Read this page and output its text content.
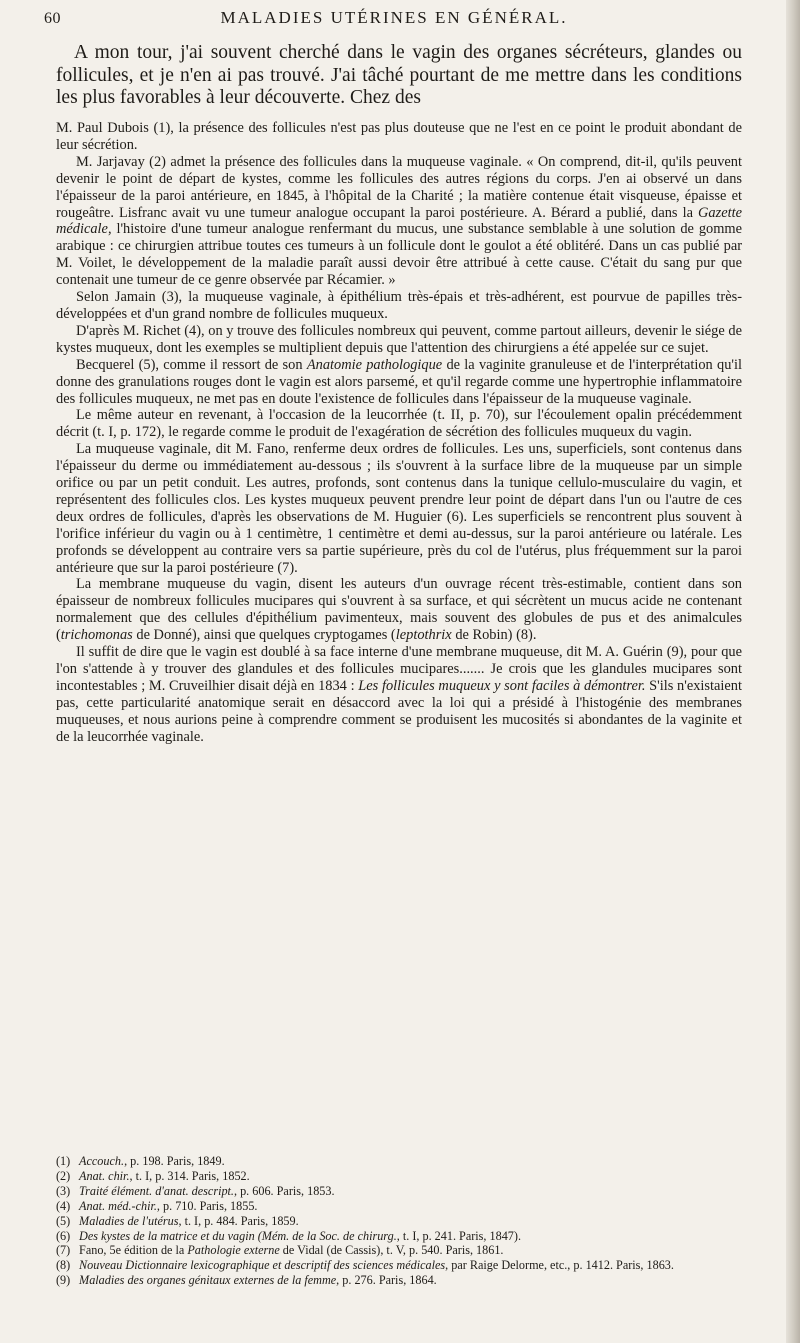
60	MALADIES UTÉRINES EN GÉNÉRAL.

A mon tour, j'ai souvent cherché dans le vagin des organes sécréteurs, glandes ou follicules, et je n'en ai pas trouvé. J'ai tâché pourtant de me mettre dans les conditions les plus favorables à leur découverte. Chez des

M. Paul Dubois (1), la présence des follicules n'est pas plus douteuse que ne l'est en ce point le produit abondant de leur sécrétion.

M. Jarjavay (2) admet la présence des follicules dans la muqueuse vaginale. « On comprend, dit-il, qu'ils peuvent devenir le point de départ de kystes, comme les follicules des autres régions du corps. J'en ai observé un dans l'épaisseur de la paroi antérieure, en 1845, à l'hôpital de la Charité ; la matière contenue était visqueuse, épaisse et rougeâtre. Lisfranc avait vu une tumeur analogue occupant la paroi postérieure. A. Bérard a publié, dans la Gazette médicale, l'histoire d'une tumeur analogue renfermant du mucus, une substance semblable à une solution de gomme arabique : ce chirurgien attribue toutes ces tumeurs à un follicule dont le goulot a été oblitéré. Dans un cas publié par M. Voilet, le développement de la maladie paraît aussi devoir être attribué à cette cause. C'était du sang pur que contenait une tumeur de ce genre observée par Récamier. »

Selon Jamain (3), la muqueuse vaginale, à épithélium très-épais et très-adhérent, est pourvue de papilles très-développées et d'un grand nombre de follicules muqueux.

D'après M. Richet (4), on y trouve des follicules nombreux qui peuvent, comme partout ailleurs, devenir le siége de kystes muqueux, dont les exemples se multiplient depuis que l'attention des chirurgiens a été appelée sur ce sujet.

Becquerel (5), comme il ressort de son Anatomie pathologique de la vaginite granuleuse et de l'interprétation qu'il donne des granulations rouges dont le vagin est alors parsemé, et qu'il regarde comme une hypertrophie inflammatoire des follicules muqueux, ne met pas en doute l'existence de follicules dans l'épaisseur de la muqueuse vaginale.

Le même auteur en revenant, à l'occasion de la leucorrhée (t. II, p. 70), sur l'écoulement opalin précédemment décrit (t. I, p. 172), le regarde comme le produit de l'exagération de sécrétion des follicules muqueux du vagin.

La muqueuse vaginale, dit M. Fano, renferme deux ordres de follicules. Les uns, superficiels, sont contenus dans l'épaisseur du derme ou immédiatement au-dessous ; ils s'ouvrent à la surface libre de la muqueuse par un simple orifice ou par un petit conduit. Les autres, profonds, sont contenus dans la tunique cellulo-musculaire du vagin, et représentent des follicules clos. Les kystes muqueux peuvent prendre leur point de départ dans l'un ou l'autre de ces deux ordres de follicules, d'après les observations de M. Huguier (6). Les superficiels se rencontrent plus souvent à l'orifice inférieur du vagin ou à 1 centimètre, 1 centimètre et demi au-dessus, sur la paroi antérieure ou latérale. Les profonds se développent au contraire vers sa partie supérieure, près du col de l'utérus, plus fréquemment sur la paroi antérieure que sur la paroi postérieure (7).

La membrane muqueuse du vagin, disent les auteurs d'un ouvrage récent très-estimable, contient dans son épaisseur de nombreux follicules mucipares qui s'ouvrent à sa surface, et qui sécrètent un mucus acide ne contenant normalement que des cellules d'épithélium pavimenteux, mais souvent des globules de pus et des animalcules (trichomonas de Donné), ainsi que quelques cryptogames (leptothrix de Robin) (8).

Il suffit de dire que le vagin est doublé à sa face interne d'une membrane muqueuse, dit M. A. Guérin (9), pour que l'on s'attende à y trouver des glandules et des follicules mucipares....... Je crois que les glandules mucipares sont incontestables ; M. Cruveilhier disait déjà en 1834 : Les follicules muqueux y sont faciles à démontrer. S'ils n'existaient pas, cette particularité anatomique serait en désaccord avec la loi qui a présidé à l'histogénie des membranes muqueuses, et nous aurions peine à comprendre comment se produisent les mucosités si abondantes de la vaginite et de la leucorrhée vaginale.

(1) Accouch., p. 198. Paris, 1849.
(2) Anat. chir., t. I, p. 314. Paris, 1852.
(3) Traité élément. d'anat. descript., p. 606. Paris, 1853.
(4) Anat. méd.-chir., p. 710. Paris, 1855.
(5) Maladies de l'utérus, t. I, p. 484. Paris, 1859.
(6) Des kystes de la matrice et du vagin (Mém. de la Soc. de chirurg., t. I, p. 241. Paris, 1847).
(7) Fano, 5e édition de la Pathologie externe de Vidal (de Cassis), t. V, p. 540. Paris, 1861.
(8) Nouveau Dictionnaire lexicographique et descriptif des sciences médicales, par Raige Delorme, etc., p. 1412. Paris, 1863.
(9) Maladies des organes génitaux externes de la femme, p. 276. Paris, 1864.
